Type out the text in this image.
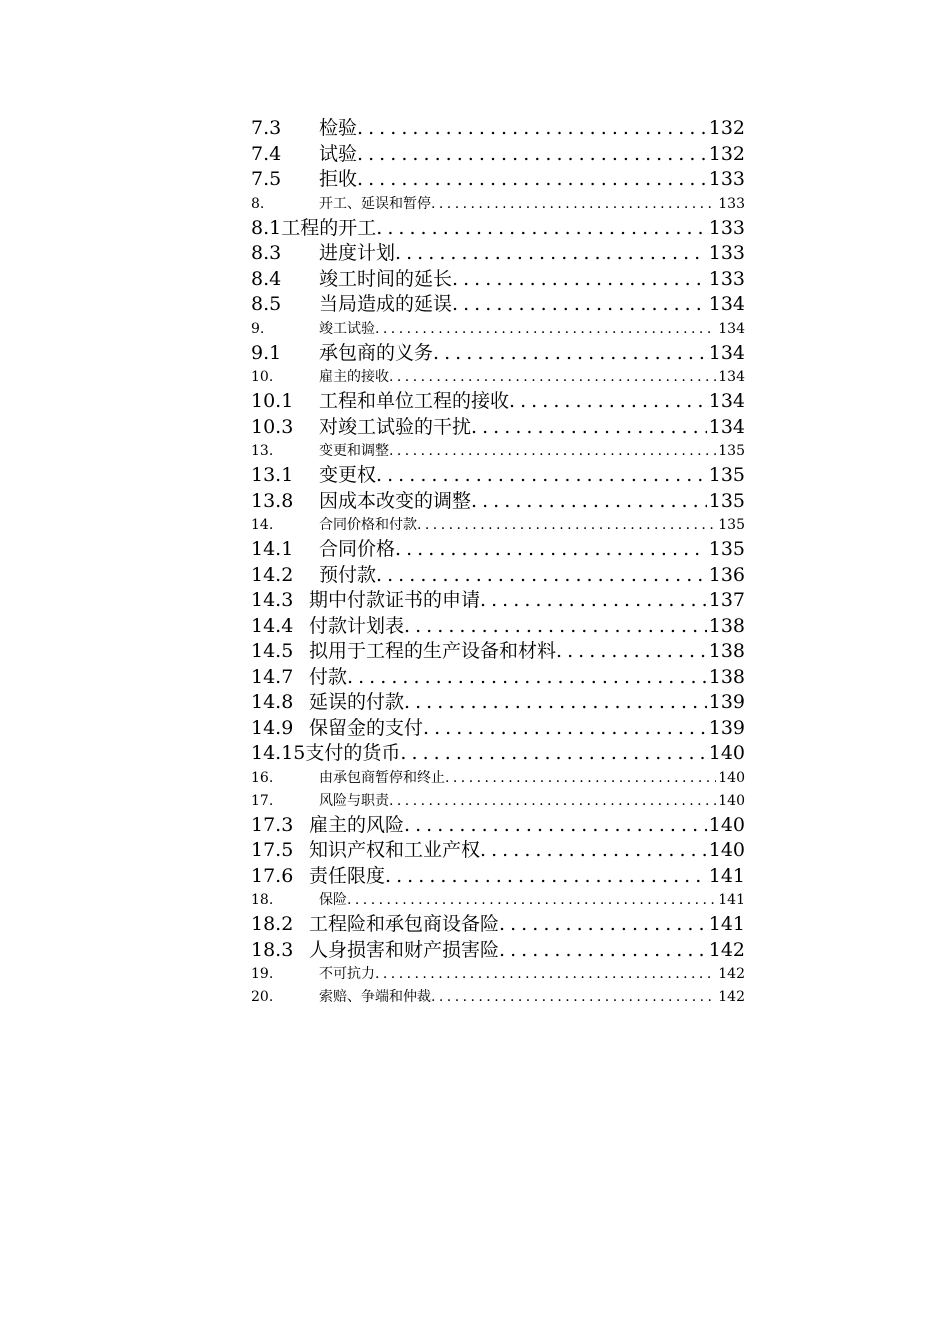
7.3	检验 . . .	132
7.4	试验 . . .	132
7.5	拒收 . . .	133
8.	开工、延误和暂停 . . .	133
8.1 工程的开工 . . .	133
8.3	进度计划 . . .	133
8.4	竣工时间的延长 . . .	133
8.5	当局造成的延误 . . .	134
9.	竣工试验 . . .	134
9.1	承包商的义务 . . .	134
10.	雇主的接收 . . .	134
10.1	工程和单位工程的接收 . . .	134
10.3	对竣工试验的干扰 . . .	134
13.	变更和调整 . . .	135
13.1	变更权 . . .	135
13.8	因成本改变的调整 . . .	135
14.	合同价格和付款 . . .	135
14.1	合同价格 . . .	135
14.2	预付款 . . .	136
14.3 期中付款证书的申请 . . .	137
14.4 付款计划表 . . .	138
14.5 拟用于工程的生产设备和材料 . . .	138
14.7 付款 . . .	138
14.8 延误的付款 . . .	139
14.9 保留金的支付 . . .	139
14.15 支付的货币 . . .	140
16.	由承包商暂停和终止 . . .	140
17.	风险与职责 . . .	140
17.3 雇主的风险 . . .	140
17.5 知识产权和工业产权 . . .	140
17.6 责任限度 . . .	141
18.	保险 . . .	141
18.2 工程险和承包商设备险 . . .	141
18.3 人身损害和财产损害险 . . .	142
19.	不可抗力 . . .	142
20.	索赔、争端和仲裁 . . .	142
